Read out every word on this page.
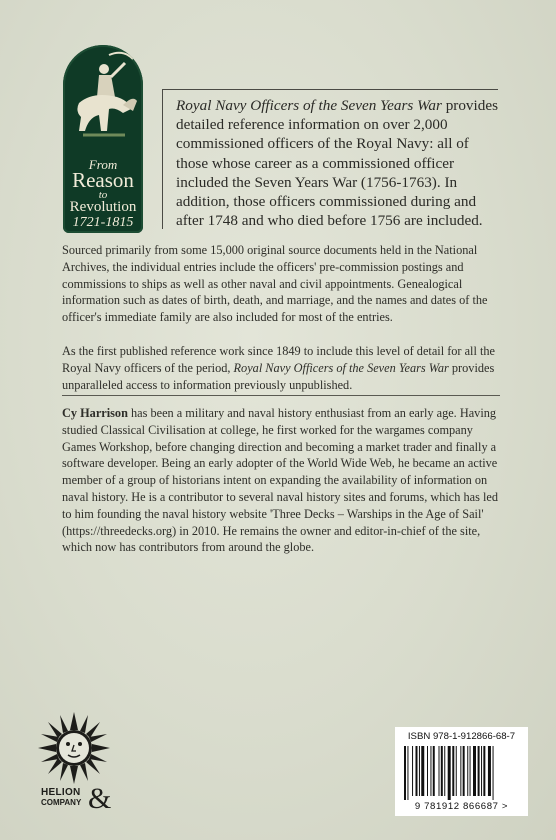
From
Reason
to
Revolution
1721-1815

Royal Navy Officers of the Seven Years War provides detailed reference information on over 2,000 commissioned officers of the Royal Navy: all of those whose career as a commissioned officer included the Seven Years War (1756-1763). In addition, those officers commissioned during and after 1748 and who died before 1756 are included.

Sourced primarily from some 15,000 original source documents held in the National Archives, the individual entries include the officers' pre-commission postings and commissions to ships as well as other naval and civil appointments. Genealogical information such as dates of birth, death, and marriage, and the names and dates of the officer's immediate family are also included for most of the entries.

As the first published reference work since 1849 to include this level of detail for all the Royal Navy officers of the period, Royal Navy Officers of the Seven Years War provides unparalleled access to information previously unpublished.

Cy Harrison has been a military and naval history enthusiast from an early age. Having studied Classical Civilisation at college, he first worked for the wargames company Games Workshop, before changing direction and becoming a market trader and finally a software developer. Being an early adopter of the World Wide Web, he became an active member of a group of historians intent on expanding the availability of information on naval history. He is a contributor to several naval history sites and forums, which has led to him founding the naval history website 'Three Decks – Warships in the Age of Sail' (https://threedecks.org) in 2010. He remains the owner and editor-in-chief of the site, which now has contributors from around the globe.

HELION
COMPANY &
ISBN 978-1-912866-68-7
9 781912 866687 >
